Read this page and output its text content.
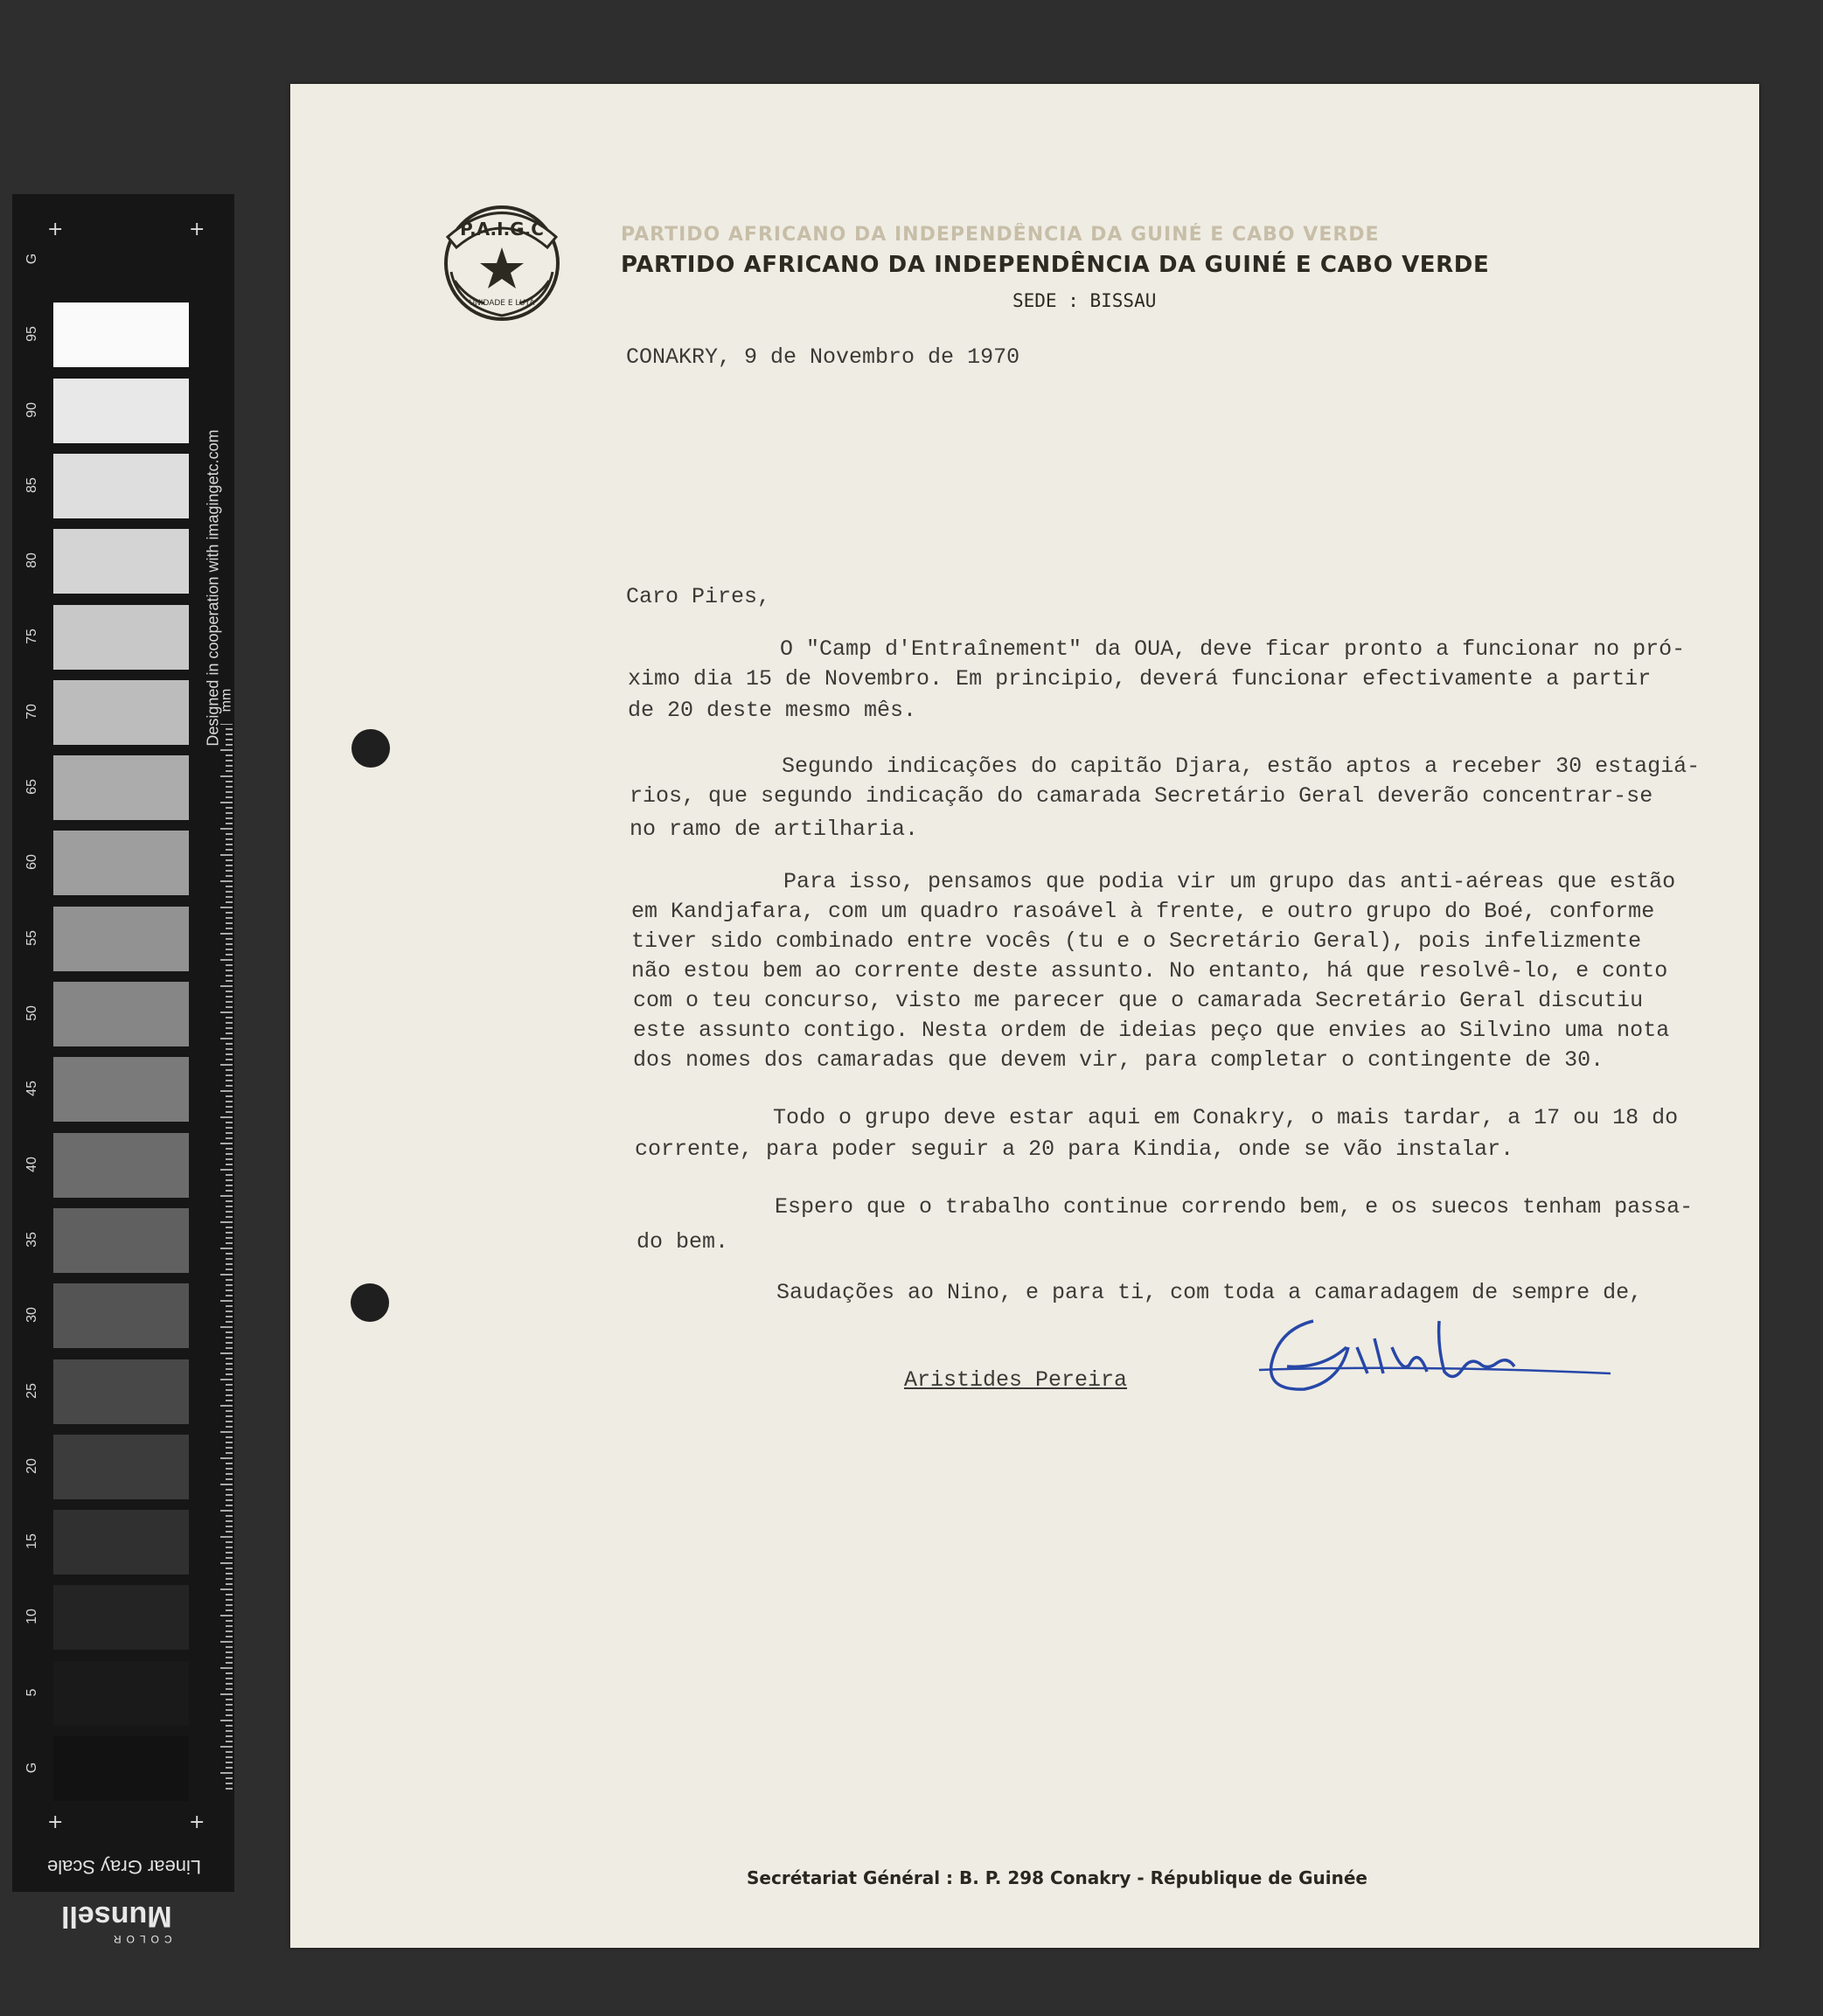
Designed in cooperation with imagingetc.com
mm
Linear Gray Scale
COLOR
Munsell
G
95
90
85
80
75
70
65
60
55
50
45
40
35
30
25
20
15
10
5
G
+	+
+	+
P.A.I.G.C
UNIDADE E LUTA
PARTIDO AFRICANO DA INDEPENDÊNCIA DA GUINÉ E CABO VERDE
PARTIDO AFRICANO DA INDEPENDÊNCIA DA GUINÉ E CABO VERDE
SEDE : BISSAU
CONAKRY, 9 de Novembro de 1970
Caro Pires,
O "Camp d'Entraînement" da OUA, deve ficar pronto a funcionar no pró-
ximo dia 15 de Novembro. Em principio, deverá funcionar efectivamente a partir
de 20 deste mesmo mês.
Segundo indicações do capitão Djara, estão aptos a receber 30 estagiá-
rios, que segundo indicação do camarada Secretário Geral deverão concentrar-se
no ramo de artilharia.
Para isso, pensamos que podia vir um grupo das anti-aéreas que estão
em Kandjafara, com um quadro rasoável à frente, e outro grupo do Boé, conforme
tiver sido combinado entre vocês (tu e o Secretário Geral), pois infelizmente
não estou bem ao corrente deste assunto. No entanto, há que resolvê-lo, e conto
com o teu concurso, visto me parecer que o camarada Secretário Geral discutiu
este assunto contigo. Nesta ordem de ideias peço que envies ao Silvino uma nota
dos nomes dos camaradas que devem vir, para completar o contingente de 30.
Todo o grupo deve estar aqui em Conakry, o mais tardar, a 17 ou 18 do
corrente, para poder seguir a 20 para Kindia, onde se vão instalar.
Espero que o trabalho continue correndo bem, e os suecos tenham passa-
do bem.
Saudações ao Nino, e para ti, com toda a camaradagem de sempre de,
Aristides Pereira
Secrétariat Général : B. P. 298 Conakry - République de Guinée
